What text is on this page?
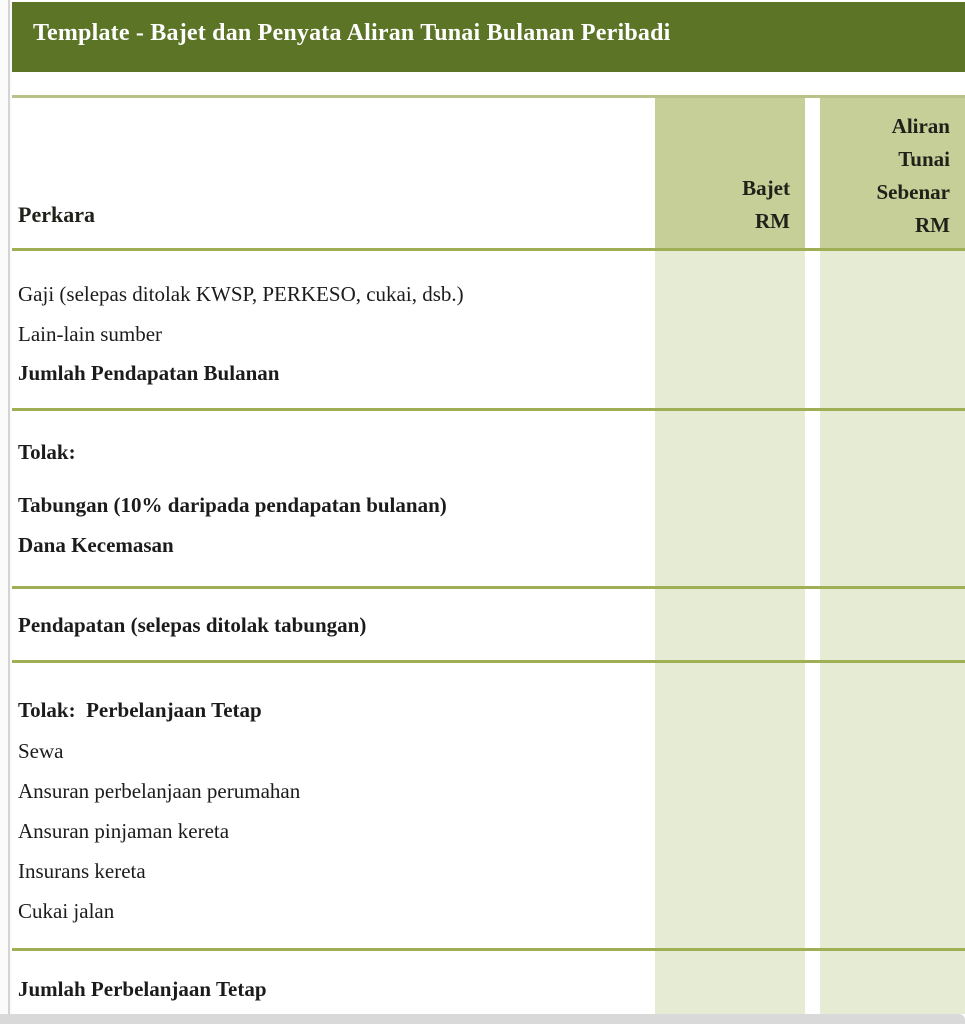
Template - Bajet dan Penyata Aliran Tunai Bulanan Peribadi
Perkara
Bajet
RM
Aliran
Tunai
Sebenar
RM
Gaji (selepas ditolak KWSP, PERKESO, cukai, dsb.)
Lain-lain sumber
Jumlah Pendapatan Bulanan
Tolak:
Tabungan (10% daripada pendapatan bulanan)
Dana Kecemasan
Pendapatan (selepas ditolak tabungan)
Tolak:  Perbelanjaan Tetap
Sewa
Ansuran perbelanjaan perumahan
Ansuran pinjaman kereta
Insurans kereta
Cukai jalan
Jumlah Perbelanjaan Tetap
